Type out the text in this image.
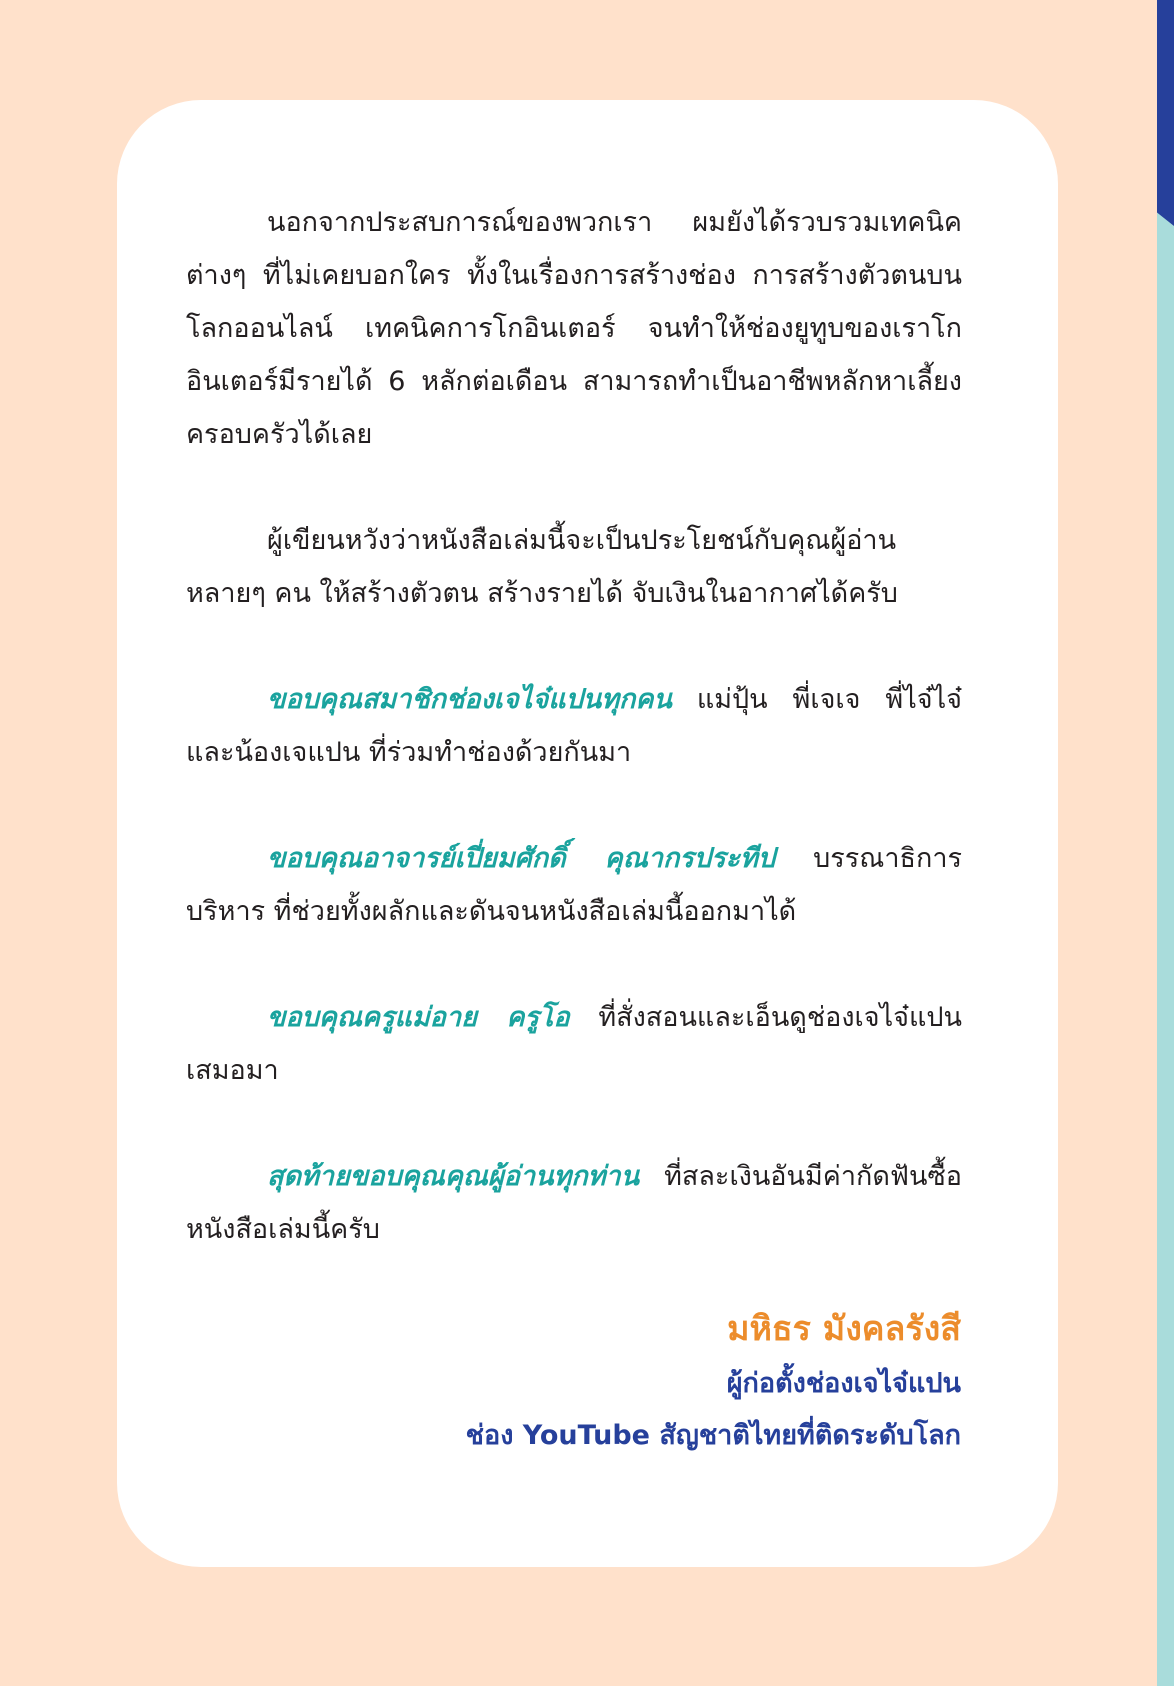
นอกจากประสบการณ์ของพวกเรา ผมยังได้รวบรวมเทคนิคต่างๆ ที่ไม่เคยบอกใคร ทั้งในเรื่องการสร้างช่อง การสร้างตัวตนบนโลกออนไลน์ เทคนิคการโกอินเตอร์ จนทำให้ช่องยูทูบของเราโกอินเตอร์มีรายได้ 6 หลักต่อเดือน สามารถทำเป็นอาชีพหลักหาเลี้ยงครอบครัวได้เลย

ผู้เขียนหวังว่าหนังสือเล่มนี้จะเป็นประโยชน์กับคุณผู้อ่านหลายๆ คน ให้สร้างตัวตน สร้างรายได้ จับเงินในอากาศได้ครับ

ขอบคุณสมาชิกช่องเจไจ๋แปนทุกคน แม่ปุ้น พี่เจเจ พี่ไจ๋ไจ๋ และน้องเจแปน ที่ร่วมทำช่องด้วยกันมา

ขอบคุณอาจารย์เปี่ยมศักดิ์ คุณากรประทีป บรรณาธิการบริหาร ที่ช่วยทั้งผลักและดันจนหนังสือเล่มนี้ออกมาได้

ขอบคุณครูแม่อาย ครูโอ ที่สั่งสอนและเอ็นดูช่องเจไจ๋แปนเสมอมา

สุดท้ายขอบคุณคุณผู้อ่านทุกท่าน ที่สละเงินอันมีค่ากัดฟันซื้อหนังสือเล่มนี้ครับ

มหิธร มังคลรังสี
ผู้ก่อตั้งช่องเจไจ๋แปน
ช่อง YouTube สัญชาติไทยที่ติดระดับโลก
